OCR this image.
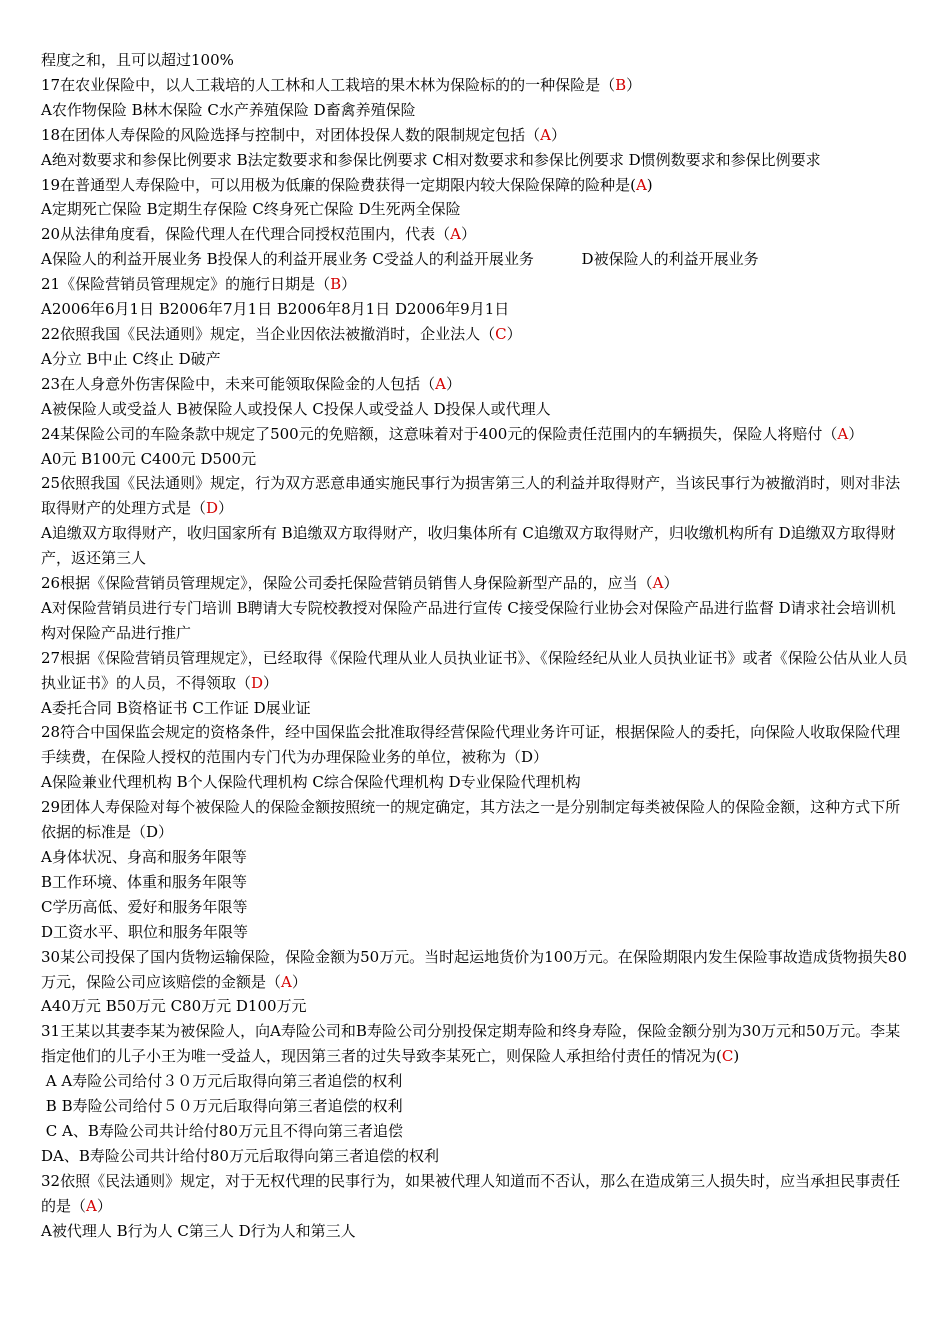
程度之和，且可以超过100%
17在农业保险中，以人工栽培的人工林和人工栽培的果木林为保险标的的一种保险是（B）
A农作物保险 B林木保险 C水产养殖保险 D畜禽养殖保险
18在团体人寿保险的风险选择与控制中，对团体投保人数的限制规定包括（A）
A绝对数要求和参保比例要求 B法定数要求和参保比例要求 C相对数要求和参保比例要求 D惯例数要求和参保比例要求
19在普通型人寿保险中，可以用极为低廉的保险费获得一定期限内较大保险保障的险种是(A)
A定期死亡保险 B定期生存保险 C终身死亡保险 D生死两全保险
20从法律角度看，保险代理人在代理合同授权范围内，代表（A）
A保险人的利益开展业务 B投保人的利益开展业务 C受益人的利益开展业务          D被保险人的利益开展业务
21《保险营销员管理规定》的施行日期是（B）
A2006年6月1日 B2006年7月1日 B2006年8月1日 D2006年9月1日
22依照我国《民法通则》规定，当企业因依法被撤消时，企业法人（C）
A分立 B中止 C终止 D破产
23在人身意外伤害保险中，未来可能领取保险金的人包括（A）
A被保险人或受益人 B被保险人或投保人 C投保人或受益人 D投保人或代理人
24某保险公司的车险条款中规定了500元的免赔额，这意味着对于400元的保险责任范围内的车辆损失，保险人将赔付（A）
A0元 B100元 C400元 D500元
25依照我国《民法通则》规定，行为双方恶意串通实施民事行为损害第三人的利益并取得财产，当该民事行为被撤消时，则对非法取得财产的处理方式是（D）
A追缴双方取得财产，收归国家所有 B追缴双方取得财产，收归集体所有 C追缴双方取得财产，归收缴机构所有 D追缴双方取得财产，返还第三人
26根据《保险营销员管理规定》，保险公司委托保险营销员销售人身保险新型产品的，应当（A）
A对保险营销员进行专门培训 B聘请大专院校教授对保险产品进行宣传 C接受保险行业协会对保险产品进行监督 D请求社会培训机构对保险产品进行推广
27根据《保险营销员管理规定》，已经取得《保险代理从业人员执业证书》、《保险经纪从业人员执业证书》或者《保险公估从业人员执业证书》的人员，不得领取（D）
A委托合同 B资格证书 C工作证 D展业证
28符合中国保监会规定的资格条件，经中国保监会批准取得经营保险代理业务许可证，根据保险人的委托，向保险人收取保险代理手续费，在保险人授权的范围内专门代为办理保险业务的单位，被称为（D）
A保险兼业代理机构 B个人保险代理机构 C综合保险代理机构 D专业保险代理机构
29团体人寿保险对每个被保险人的保险金额按照统一的规定确定，其方法之一是分别制定每类被保险人的保险金额，这种方式下所依据的标准是（D）
A身体状况、身高和服务年限等
B工作环境、体重和服务年限等
C学历高低、爱好和服务年限等
D工资水平、职位和服务年限等
30某公司投保了国内货物运输保险，保险金额为50万元。当时起运地货价为100万元。在保险期限内发生保险事故造成货物损失80万元，保险公司应该赔偿的金额是（A）
A40万元 B50万元 C80万元 D100万元
31王某以其妻李某为被保险人，向A寿险公司和B寿险公司分别投保定期寿险和终身寿险，保险金额分别为30万元和50万元。李某指定他们的儿子小王为唯一受益人，现因第三者的过失导致李某死亡，则保险人承担给付责任的情况为(C)
A A寿险公司给付３０万元后取得向第三者追偿的权利
B B寿险公司给付５０万元后取得向第三者追偿的权利
C A、B寿险公司共计给付80万元且不得向第三者追偿
DA、B寿险公司共计给付80万元后取得向第三者追偿的权利
32依照《民法通则》规定，对于无权代理的民事行为，如果被代理人知道而不否认，那么在造成第三人损失时，应当承担民事责任的是（A）
A被代理人 B行为人 C第三人 D行为人和第三人
